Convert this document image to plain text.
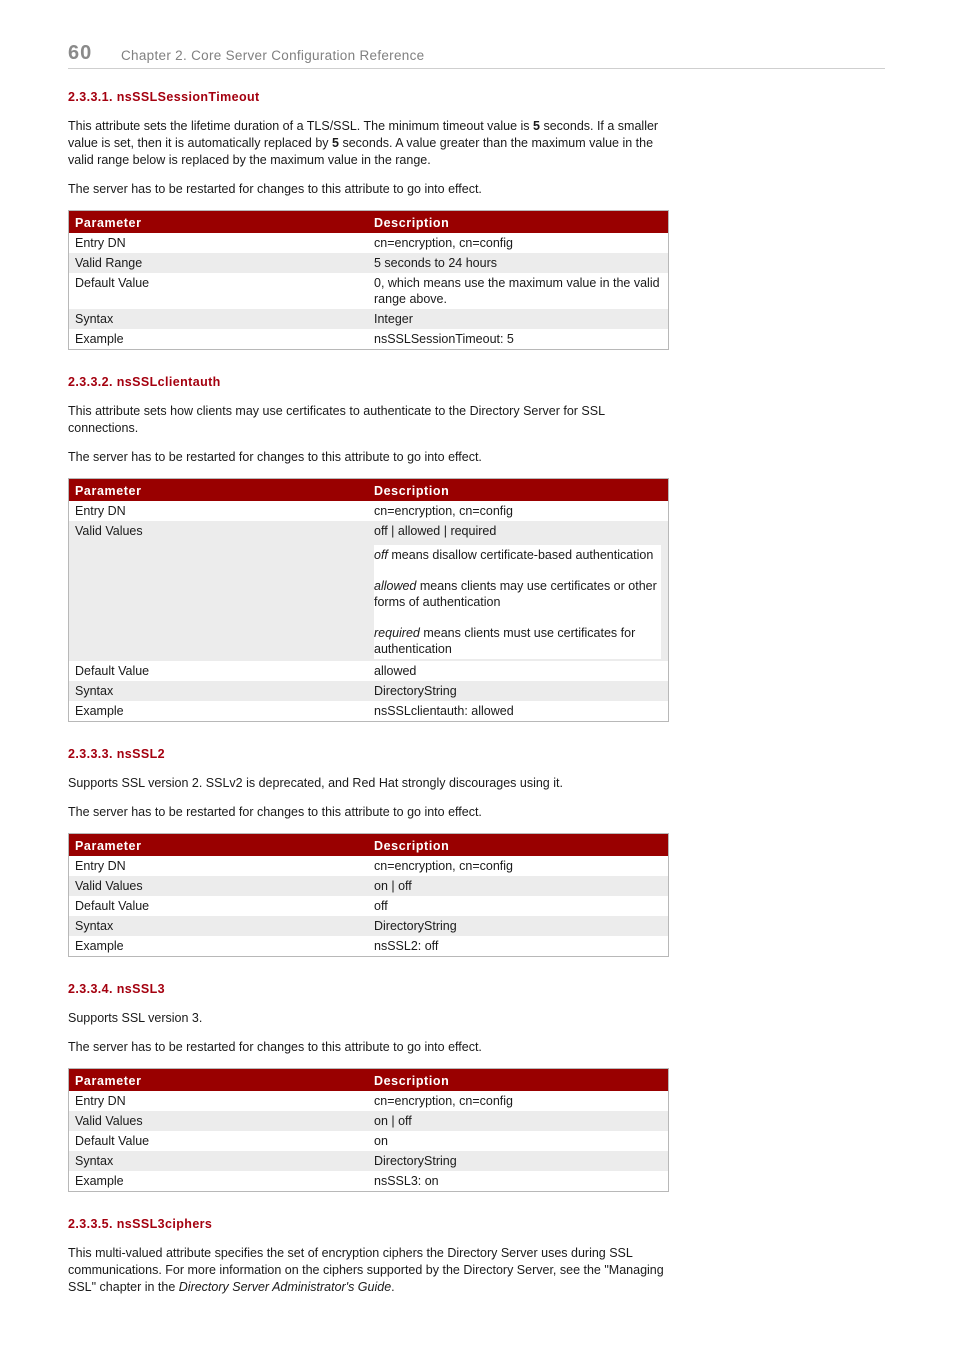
60 Chapter 2. Core Server Configuration Reference
2.3.3.1. nsSSLSessionTimeout

This attribute sets the lifetime duration of a TLS/SSL. The minimum timeout value is 5 seconds. If a smaller value is set, then it is automatically replaced by 5 seconds. A value greater than the maximum value in the valid range below is replaced by the maximum value in the range.

The server has to be restarted for changes to this attribute to go into effect.

Parameter	Description
Entry DN	cn=encryption, cn=config
Valid Range	5 seconds to 24 hours
Default Value	0, which means use the maximum value in the valid range above.
Syntax	Integer
Example	nsSSLSessionTimeout: 5
2.3.3.2. nsSSLclientauth

This attribute sets how clients may use certificates to authenticate to the Directory Server for SSL connections.

The server has to be restarted for changes to this attribute to go into effect.

Parameter	Description
Entry DN	cn=encryption, cn=config
Valid Values	off | allowed | required
off means disallow certificate-based authentication
allowed means clients may use certificates or other forms of authentication
required means clients must use certificates for authentication

Default Value	allowed
Syntax	DirectoryString
Example	nsSSLclientauth: allowed
2.3.3.3. nsSSL2

Supports SSL version 2. SSLv2 is deprecated, and Red Hat strongly discourages using it.

The server has to be restarted for changes to this attribute to go into effect.

Parameter	Description
Entry DN	cn=encryption, cn=config
Valid Values	on | off
Default Value	off
Syntax	DirectoryString
Example	nsSSL2: off
2.3.3.4. nsSSL3

Supports SSL version 3.

The server has to be restarted for changes to this attribute to go into effect.

Parameter	Description
Entry DN	cn=encryption, cn=config
Valid Values	on | off
Default Value	on
Syntax	DirectoryString
Example	nsSSL3: on
2.3.3.5. nsSSL3ciphers

This multi-valued attribute specifies the set of encryption ciphers the Directory Server uses during SSL communications. For more information on the ciphers supported by the Directory Server, see the "Managing SSL" chapter in the Directory Server Administrator's Guide.
